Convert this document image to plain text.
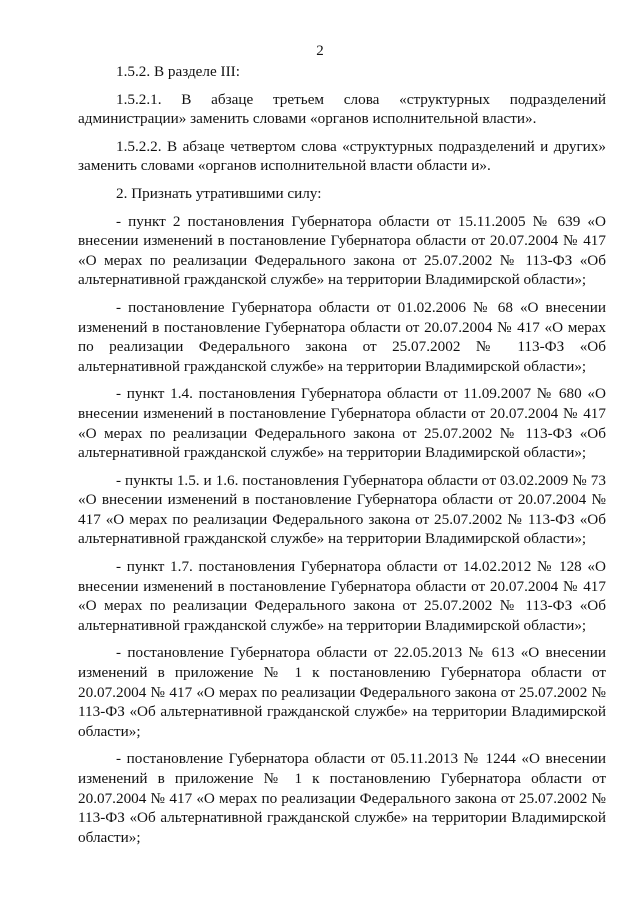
2

1.5.2. В разделе III:

1.5.2.1. В абзаце третьем слова «структурных подразделений администрации» заменить словами «органов исполнительной власти».

1.5.2.2. В абзаце четвертом слова «структурных подразделений и других» заменить словами «органов исполнительной власти области и».

2. Признать утратившими силу:

- пункт 2 постановления Губернатора области от 15.11.2005 № 639 «О внесении изменений в постановление Губернатора области от 20.07.2004 № 417 «О мерах по реализации Федерального закона от 25.07.2002 № 113-ФЗ «Об альтернативной гражданской службе» на территории Владимирской области»;

- постановление Губернатора области от 01.02.2006 № 68 «О внесении изменений в постановление Губернатора области от 20.07.2004 № 417 «О мерах по реализации Федерального закона от 25.07.2002 № 113-ФЗ «Об альтернативной гражданской службе» на территории Владимирской области»;

- пункт 1.4. постановления Губернатора области от 11.09.2007 № 680 «О внесении изменений в постановление Губернатора области от 20.07.2004 № 417 «О мерах по реализации Федерального закона от 25.07.2002 № 113-ФЗ «Об альтернативной гражданской службе» на территории Владимирской области»;

- пункты 1.5. и 1.6. постановления Губернатора области от 03.02.2009 № 73 «О внесении изменений в постановление Губернатора области от 20.07.2004 № 417 «О мерах по реализации Федерального закона от 25.07.2002 № 113-ФЗ «Об альтернативной гражданской службе» на территории Владимирской области»;

- пункт 1.7. постановления Губернатора области от 14.02.2012 № 128 «О внесении изменений в постановление Губернатора области от 20.07.2004 № 417 «О мерах по реализации Федерального закона от 25.07.2002 № 113-ФЗ «Об альтернативной гражданской службе» на территории Владимирской области»;

- постановление Губернатора области от 22.05.2013 № 613 «О внесении изменений в приложение № 1 к постановлению Губернатора области от 20.07.2004 № 417 «О мерах по реализации Федерального закона от 25.07.2002 № 113-ФЗ «Об альтернативной гражданской службе» на территории Владимирской области»;

- постановление Губернатора области от 05.11.2013 № 1244 «О внесении изменений в приложение № 1 к постановлению Губернатора области от 20.07.2004 № 417 «О мерах по реализации Федерального закона от 25.07.2002 № 113-ФЗ «Об альтернативной гражданской службе» на территории Владимирской области»;
